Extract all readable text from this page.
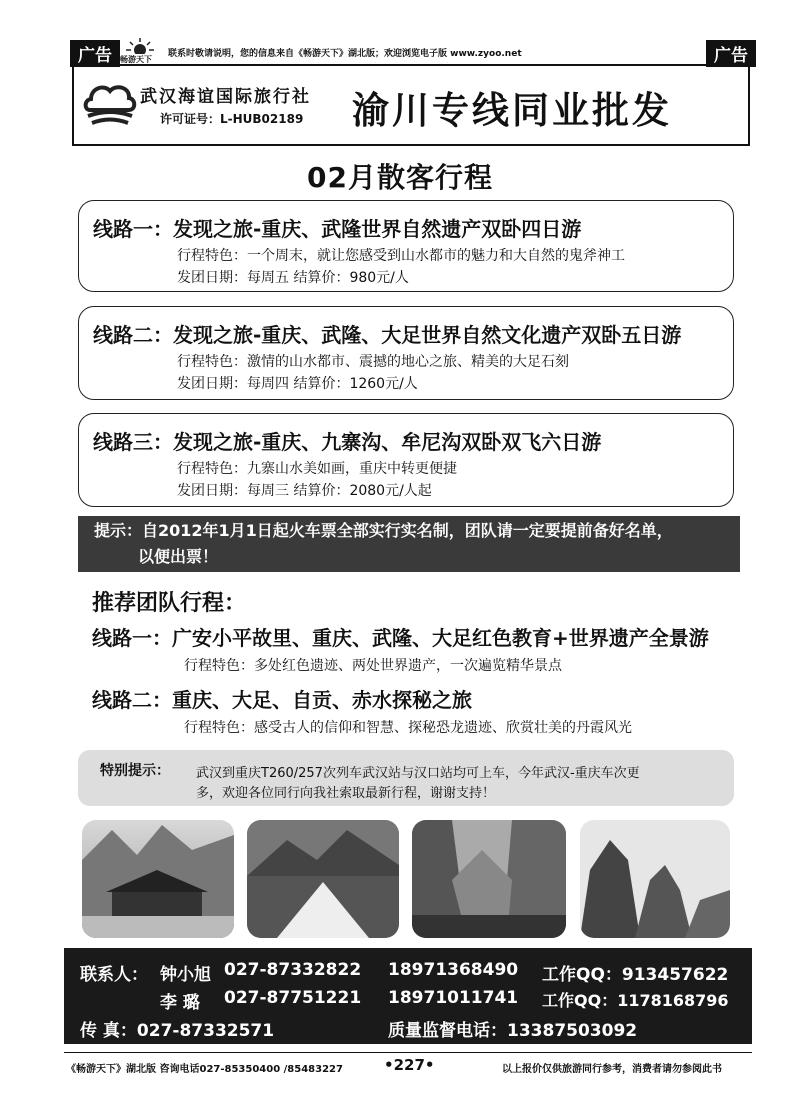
广告	畅游天下
联系时敬请说明，您的信息来自《畅游天下》湖北版；欢迎浏览电子版 www.zyoo.net	广告
武汉海谊国际旅行社
许可证号：L-HUB02189 渝川专线同业批发
02月散客行程
线路一：发现之旅-重庆、武隆世界自然遗产双卧四日游
行程特色：一个周末，就让您感受到山水都市的魅力和大自然的鬼斧神工
发团日期：每周五 结算价：980元/人
线路二：发现之旅-重庆、武隆、大足世界自然文化遗产双卧五日游
行程特色：激情的山水都市、震撼的地心之旅、精美的大足石刻
发团日期：每周四 结算价：1260元/人
线路三：发现之旅-重庆、九寨沟、牟尼沟双卧双飞六日游
行程特色：九寨山水美如画，重庆中转更便捷
发团日期：每周三 结算价：2080元/人起
提示：自2012年1月1日起火车票全部实行实名制，团队请一定要提前备好名单，
以便出票！
推荐团队行程：
线路一：广安小平故里、重庆、武隆、大足红色教育+世界遗产全景游
行程特色：多处红色遗迹、两处世界遗产，一次遍览精华景点
线路二：重庆、大足、自贡、赤水探秘之旅
行程特色：感受古人的信仰和智慧、探秘恐龙遗迹、欣赏壮美的丹霞风光
特别提示： 武汉到重庆T260/257次列车武汉站与汉口站均可上车，今年武汉-重庆车次更
多，欢迎各位同行向我社索取最新行程，谢谢支持！
联系人： 钟小旭 027-87332822 18971368490 工作QQ：913457622
李 璐 027-87751221 18971011741 工作QQ：1178168796
传 真：027-87332571	质量监督电话：13387503092
《畅游天下》湖北版 咨询电话027-85350400 /85483227	•227•	以上报价仅供旅游同行参考，消费者请勿参阅此书
